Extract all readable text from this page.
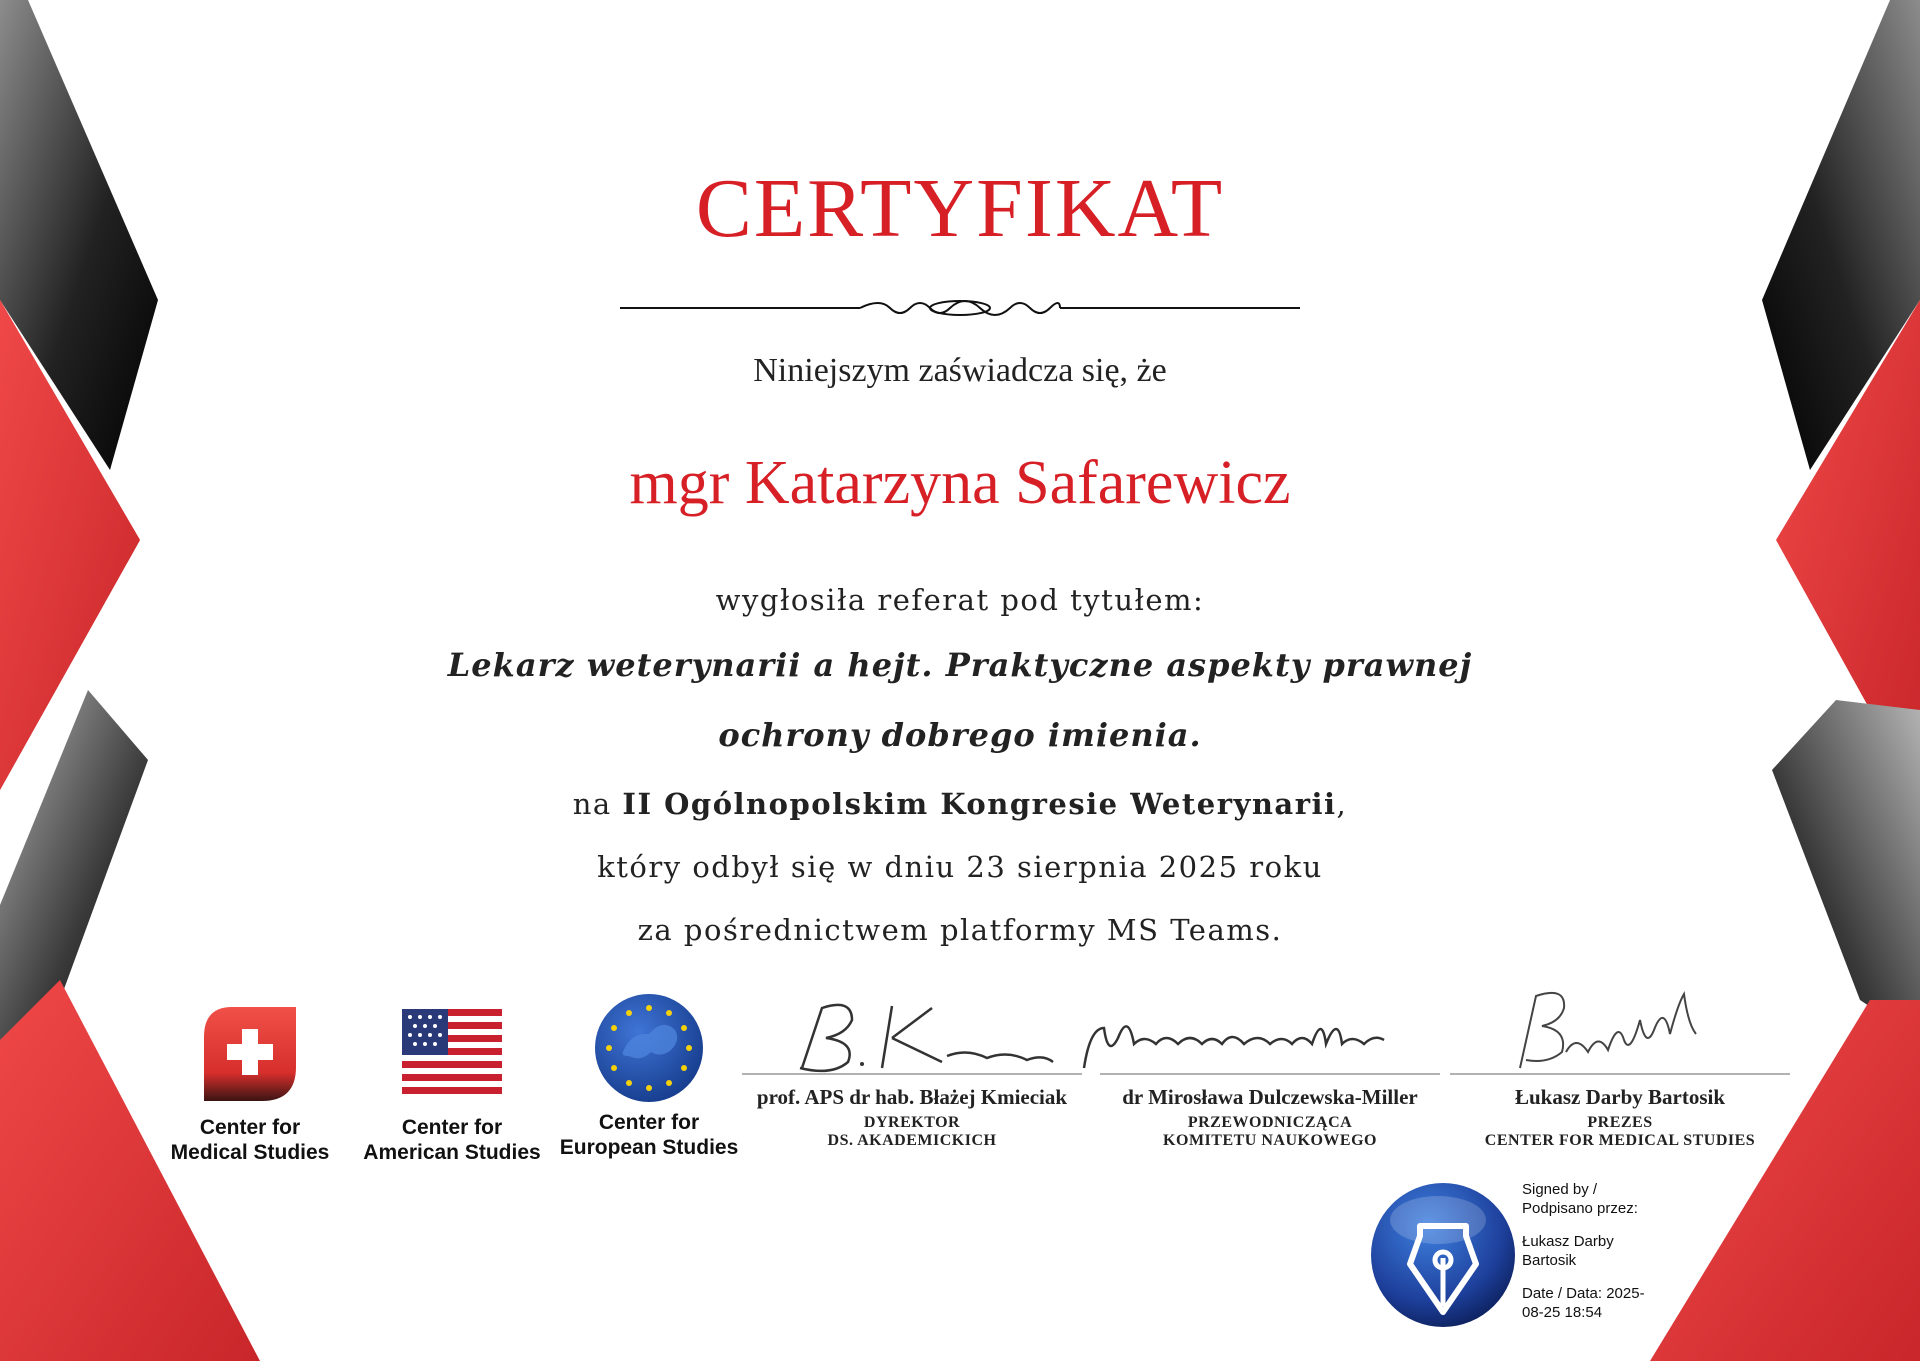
CERTYFIKAT
Niniejszym zaświadcza się, że
mgr Katarzyna Safarewicz
wygłosiła referat pod tytułem:
Lekarz weterynarii a hejt. Praktyczne aspekty prawnej
ochrony dobrego imienia.
na II Ogólnopolskim Kongresie Weterynarii,
który odbył się w dniu 23 sierpnia 2025 roku
za pośrednictwem platformy MS Teams.
Center for
Medical Studies
Center for
American Studies
Center for
European Studies
prof. APS dr hab. Błażej Kmieciak
DYREKTOR
DS. AKADEMICKICH
dr Mirosława Dulczewska-Miller
PRZEWODNICZĄCA
KOMITETU NAUKOWEGO
Łukasz Darby Bartosik
PREZES
CENTER FOR MEDICAL STUDIES
Signed by /
Podpisano przez:
Łukasz Darby
Bartosik
Date / Data: 2025-
08-25 18:54
